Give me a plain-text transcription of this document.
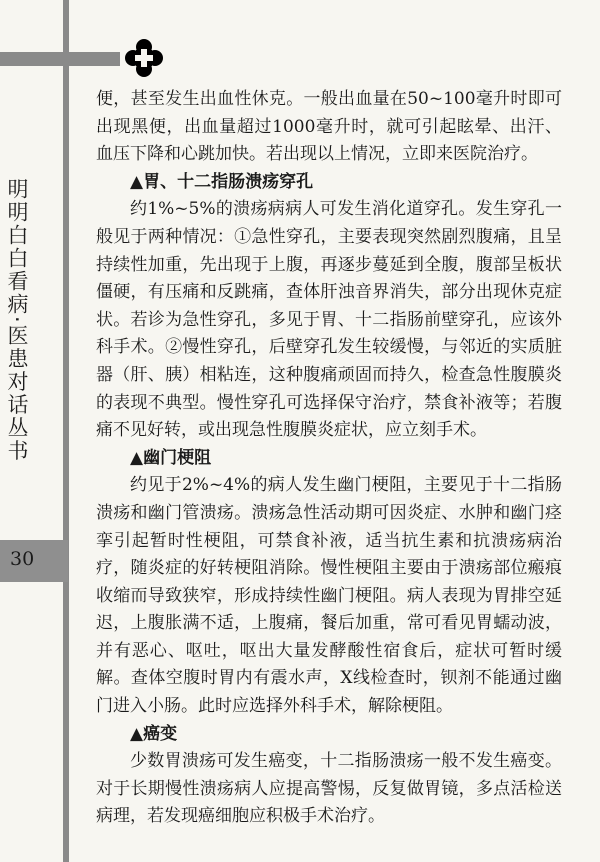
明明白白看病·医患对话丛书
30

便，甚至发生出血性休克。一般出血量在50~100毫升时即可出现黑便，出血量超过1000毫升时，就可引起眩晕、出汗、血压下降和心跳加快。若出现以上情况，立即来医院治疗。

▲胃、十二指肠溃疡穿孔

约1%~5%的溃疡病病人可发生消化道穿孔。发生穿孔一般见于两种情况：①急性穿孔，主要表现突然剧烈腹痛，且呈持续性加重，先出现于上腹，再逐步蔓延到全腹，腹部呈板状僵硬，有压痛和反跳痛，查体肝浊音界消失，部分出现休克症状。若诊为急性穿孔，多见于胃、十二指肠前壁穿孔，应该外科手术。②慢性穿孔，后壁穿孔发生较缓慢，与邻近的实质脏器（肝、胰）相粘连，这种腹痛顽固而持久，检查急性腹膜炎的表现不典型。慢性穿孔可选择保守治疗，禁食补液等；若腹痛不见好转，或出现急性腹膜炎症状，应立刻手术。

▲幽门梗阻

约见于2%~4%的病人发生幽门梗阻，主要见于十二指肠溃疡和幽门管溃疡。溃疡急性活动期可因炎症、水肿和幽门痉挛引起暂时性梗阻，可禁食补液，适当抗生素和抗溃疡病治疗，随炎症的好转梗阻消除。慢性梗阻主要由于溃疡部位瘢痕收缩而导致狭窄，形成持续性幽门梗阻。病人表现为胃排空延迟，上腹胀满不适，上腹痛，餐后加重，常可看见胃蠕动波，并有恶心、呕吐，呕出大量发酵酸性宿食后，症状可暂时缓解。查体空腹时胃内有震水声，X线检查时，钡剂不能通过幽门进入小肠。此时应选择外科手术，解除梗阻。

▲癌变

少数胃溃疡可发生癌变，十二指肠溃疡一般不发生癌变。对于长期慢性溃疡病人应提高警惕，反复做胃镜，多点活检送病理，若发现癌细胞应积极手术治疗。
